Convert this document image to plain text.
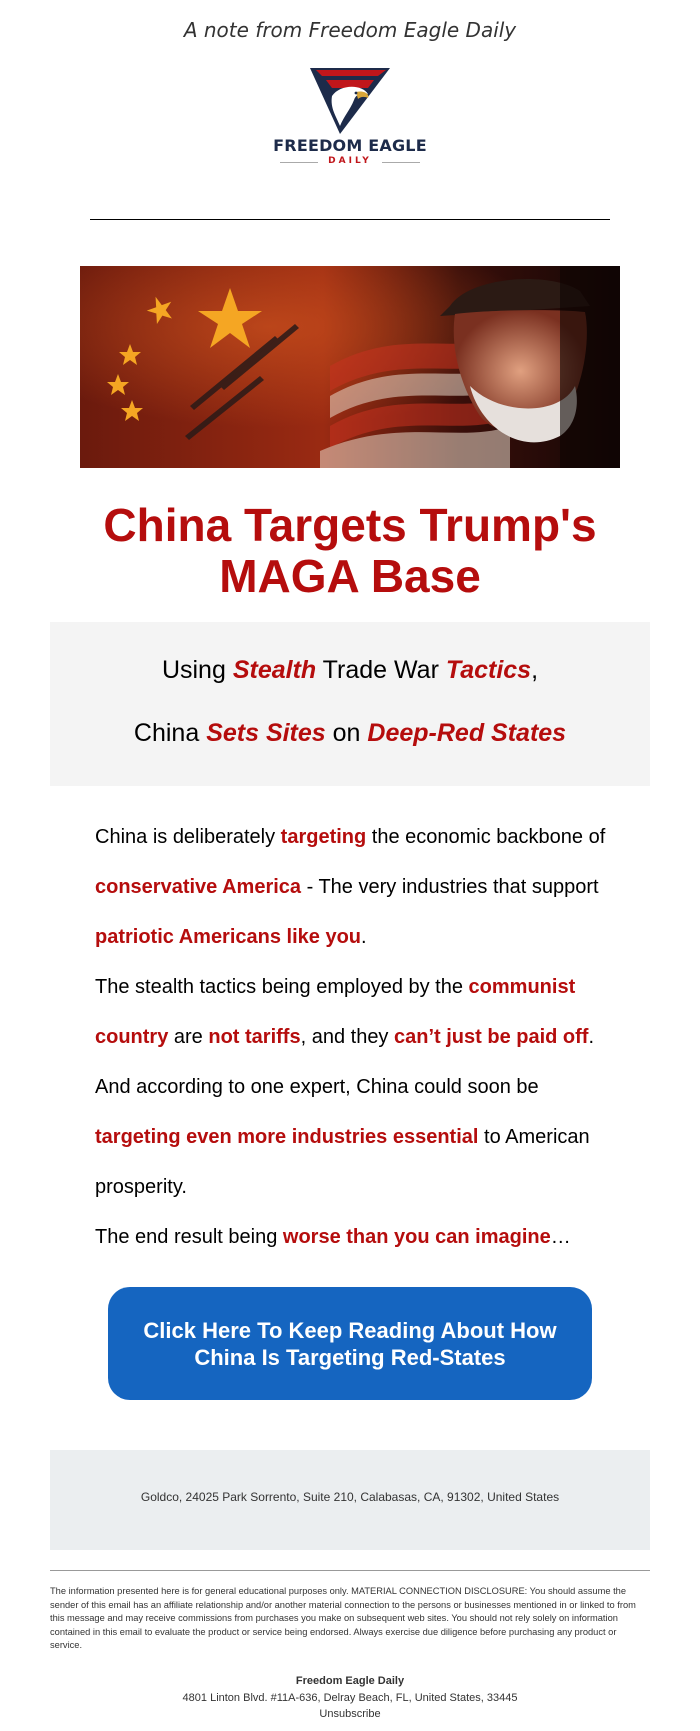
A note from Freedom Eagle Daily
FREEDOM EAGLE
DAILY
China Targets Trump's
MAGA Base
Using Stealth Trade War Tactics,
China Sets Sites on Deep-Red States

China is deliberately targeting the economic backbone of conservative America - The very industries that support patriotic Americans like you.

The stealth tactics being employed by the communist country are not tariffs, and they can’t just be paid off.

And according to one expert, China could soon be targeting even more industries essential to American prosperity.

The end result being worse than you can imagine…

Click Here To Keep Reading About How
China Is Targeting Red-States
Goldco, 24025 Park Sorrento, Suite 210, Calabasas, CA, 91302, United States
The information presented here is for general educational purposes only. MATERIAL CONNECTION DISCLOSURE: You should assume the sender of this email has an affiliate relationship and/or another material connection to the persons or businesses mentioned in or linked to from this message and may receive commissions from purchases you make on subsequent web sites. You should not rely solely on information contained in this email to evaluate the product or service being endorsed. Always exercise due diligence before purchasing any product or service.
Freedom Eagle Daily
4801 Linton Blvd. #11A-636, Delray Beach, FL, United States, 33445
Unsubscribe
